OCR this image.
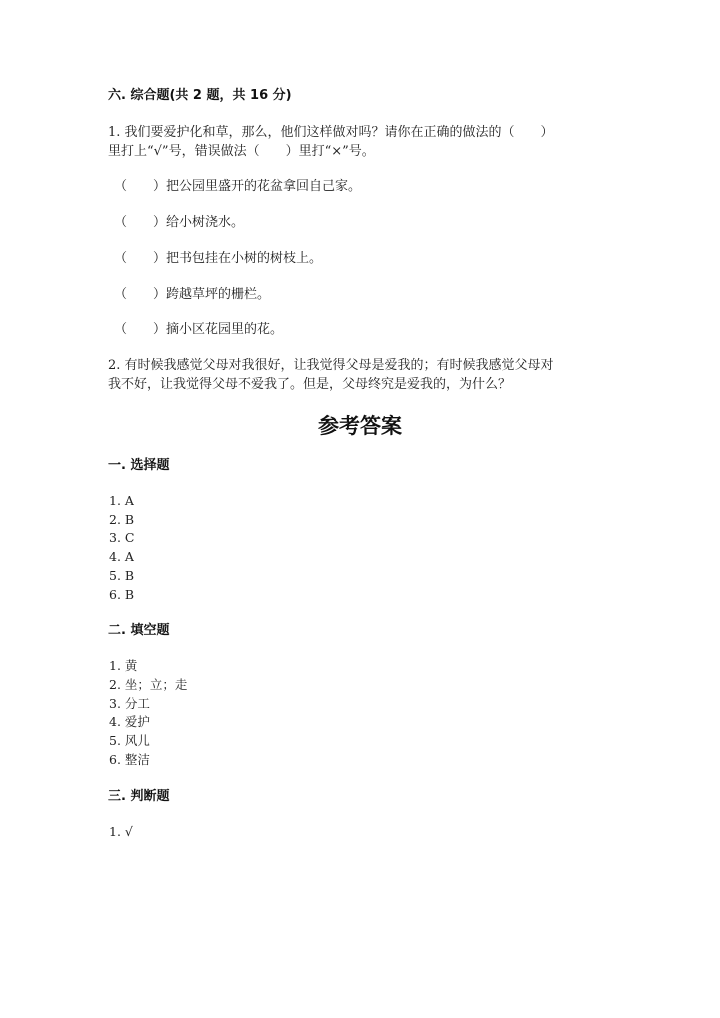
六. 综合题(共 2 题，共 16 分)
1. 我们要爱护化和草，那么，他们这样做对吗？请你在正确的做法的（　　）
里打上“√”号，错误做法（　　）里打“×”号。
（　　）把公园里盛开的花盆拿回自己家。
（　　）给小树浇水。
（　　）把书包挂在小树的树枝上。
（　　）跨越草坪的栅栏。
（　　）摘小区花园里的花。
2. 有时候我感觉父母对我很好，让我觉得父母是爱我的；有时候我感觉父母对
我不好，让我觉得父母不爱我了。但是，父母终究是爱我的，为什么？
参考答案
一. 选择题
1. A
2. B
3. C
4. A
5. B
6. B
二. 填空题
1. 黄
2. 坐；立；走
3. 分工
4. 爱护
5. 风儿
6. 整洁
三. 判断题
1. √
